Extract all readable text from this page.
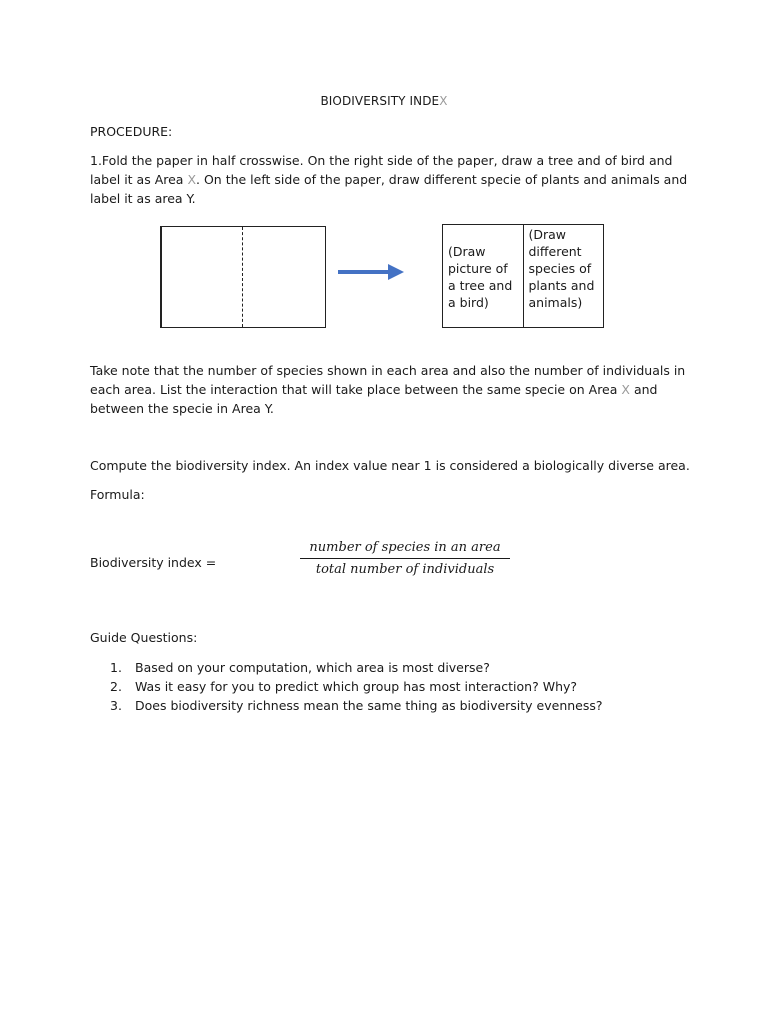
BIODIVERSITY INDEX
PROCEDURE:
1.Fold the paper in half crosswise. On the right side of the paper, draw a tree and of bird and label it as Area X. On the left side of the paper, draw different specie of plants and animals and label it as area Y.
(Draw
picture of
a tree and
a bird)
(Draw
different
species of
plants and
animals)
Take note that the number of species shown in each area and also the number of individuals in each area. List the interaction that will take place between the same specie on Area X and between the specie in Area Y.
Compute the biodiversity index. An index value near 1 is considered a biologically diverse area.
Formula:
Biodiversity index =
number of species in an area
total number of individuals
Guide Questions:
1.	Based on your computation, which area is most diverse?
2.	Was it easy for you to predict which group has most interaction? Why?
3.	Does biodiversity richness mean the same thing as biodiversity evenness?
